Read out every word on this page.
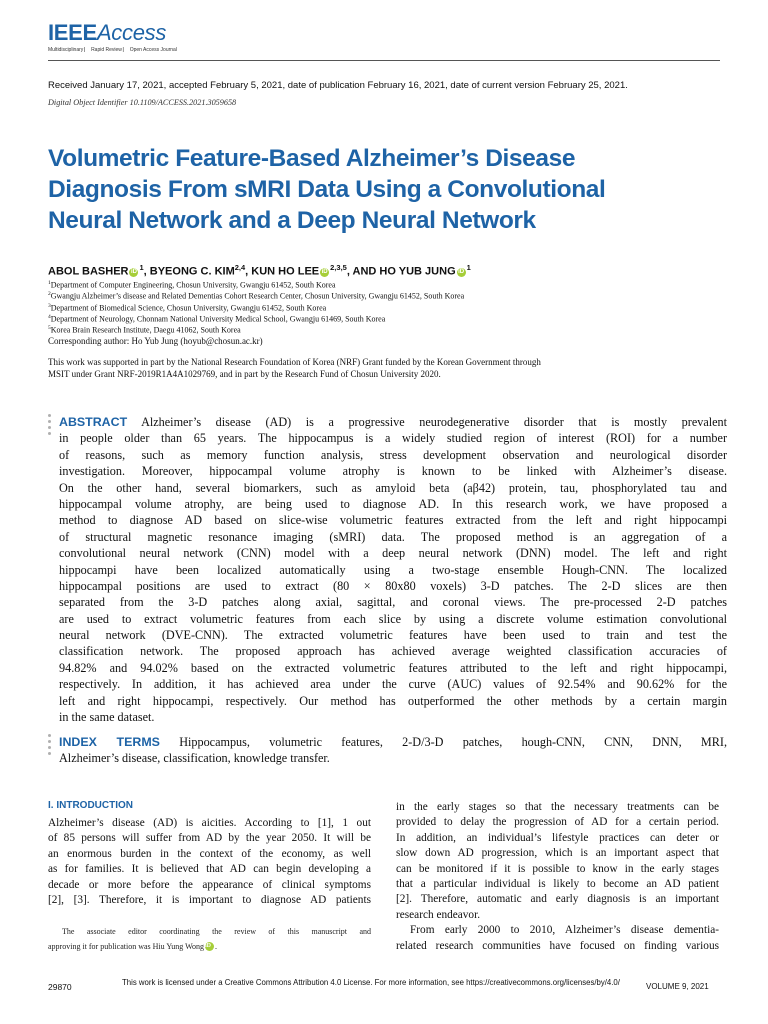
IEEEAccess
Multidisciplinary ⎸ Rapid Review ⎸ Open Access Journal
Received January 17, 2021, accepted February 5, 2021, date of publication February 16, 2021, date of current version February 25, 2021.
Digital Object Identifier 10.1109/ACCESS.2021.3059658
Volumetric Feature-Based Alzheimer’s Disease
Diagnosis From sMRI Data Using a Convolutional
Neural Network and a Deep Neural Network
ABOL BASHER iD $^1$, BYEONG C. KIM$^{2,4}$, KUN HO LEE iD $^{2,3,5}$, AND HO YUB JUNG iD $^1$
$^1$Department of Computer Engineering, Chosun University, Gwangju 61452, South Korea
$^2$Gwangju Alzheimer’s disease and Related Dementias Cohort Research Center, Chosun University, Gwangju 61452, South Korea
$^3$Department of Biomedical Science, Chosun University, Gwangju 61452, South Korea
$^4$Department of Neurology, Chonnam National University Medical School, Gwangju 61469, South Korea
$^5$Korea Brain Research Institute, Daegu 41062, South Korea
Corresponding author: Ho Yub Jung (hoyub@chosun.ac.kr)
This work was supported in part by the National Research Foundation of Korea (NRF) Grant funded by the Korean Government through
MSIT under Grant NRF-2019R1A4A1029769, and in part by the Research Fund of Chosun University 2020.
ABSTRACT Alzheimer’s disease (AD) is a progressive neurodegenerative disorder that is mostly prevalent
in people older than 65 years. The hippocampus is a widely studied region of interest (ROI) for a number
of reasons, such as memory function analysis, stress development observation and neurological disorder
investigation. Moreover, hippocampal volume atrophy is known to be linked with Alzheimer’s disease.
On the other hand, several biomarkers, such as amyloid beta (aβ42) protein, tau, phosphorylated tau and
hippocampal volume atrophy, are being used to diagnose AD. In this research work, we have proposed a
method to diagnose AD based on slice-wise volumetric features extracted from the left and right hippocampi
of structural magnetic resonance imaging (sMRI) data. The proposed method is an aggregation of a
convolutional neural network (CNN) model with a deep neural network (DNN) model. The left and right
hippocampi have been localized automatically using a two-stage ensemble Hough-CNN. The localized
hippocampal positions are used to extract (80 × 80x80 voxels) 3-D patches. The 2-D slices are then
separated from the 3-D patches along axial, sagittal, and coronal views. The pre-processed 2-D patches
are used to extract volumetric features from each slice by using a discrete volume estimation convolutional
neural network (DVE-CNN). The extracted volumetric features have been used to train and test the
classification network. The proposed approach has achieved average weighted classification accuracies of
94.82% and 94.02% based on the extracted volumetric features attributed to the left and right hippocampi,
respectively. In addition, it has achieved area under the curve (AUC) values of 92.54% and 90.62% for the
left and right hippocampi, respectively. Our method has outperformed the other methods by a certain margin
in the same dataset.
INDEX TERMS Hippocampus, volumetric features, 2-D/3-D patches, hough-CNN, CNN, DNN, MRI,
Alzheimer’s disease, classification, knowledge transfer.
I. INTRODUCTION
Alzheimer’s disease (AD) is aicities. According to [1], 1 out
of 85 persons will suffer from AD by the year 2050. It will be
an enormous burden in the context of the economy, as well
as for families. It is believed that AD can begin developing a
decade or more before the appearance of clinical symptoms
[2], [3]. Therefore, it is important to diagnose AD patients
The associate editor coordinating the review of this manuscript and
approving it for publication was Hiu Yung WongiD .
in the early stages so that the necessary treatments can be
provided to delay the progression of AD for a certain period.
In addition, an individual’s lifestyle practices can deter or
slow down AD progression, which is an important aspect that
can be monitored if it is possible to know in the early stages
that a particular individual is likely to become an AD patient
[2]. Therefore, automatic and early diagnosis is an important
research endeavor.
From early 2000 to 2010, Alzheimer’s disease dementia-
related research communities have focused on finding various
29870	This work is licensed under a Creative Commons Attribution 4.0 License. For more information, see https://creativecommons.org/licenses/by/4.0/	VOLUME 9, 2021
